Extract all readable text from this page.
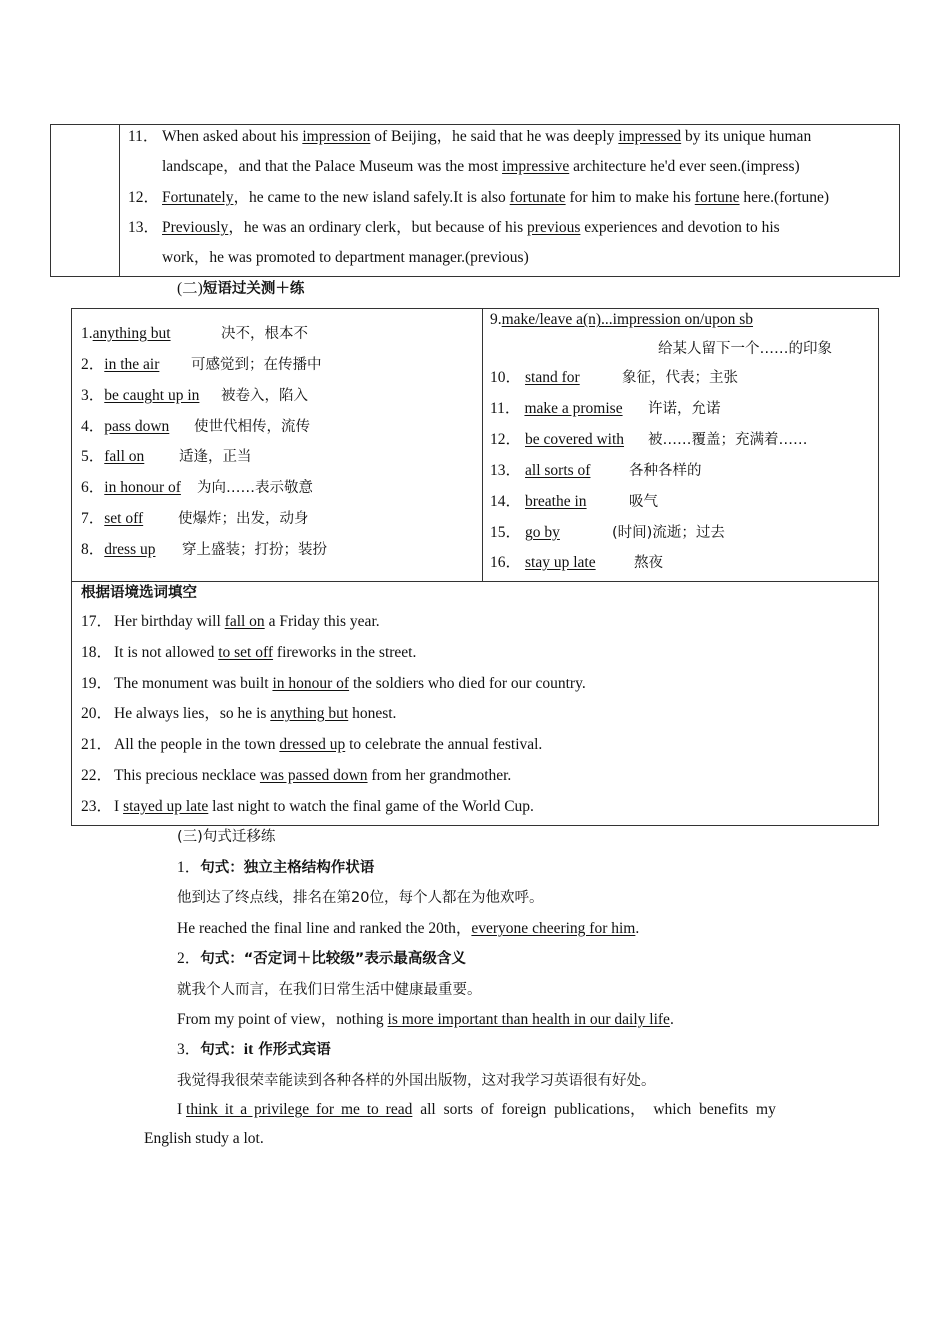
11． When asked about his impression of Beijing，he said that he was deeply impressed by its unique human
landscape，and that the Palace Museum was the most impressive architecture he'd ever seen.(impress)
12． Fortunately，he came to the new island safely.It is also fortunate for him to make his fortune here.(fortune)
13． Previously，he was an ordinary clerk，but because of his previous experiences and devotion to his
work，he was promoted to department manager.(previous)
(二)短语过关测＋练
1.anything but	决不，根本不
2．in the air 可感觉到；在传播中
3．be caught up in 被卷入，陷入
4．pass down 使世代相传，流传
5．fall on 适逢，正当
6．in honour of 为向……表示敬意
7．set off 使爆炸；出发，动身
8．dress up 穿上盛装；打扮；装扮
9.make/leave a(n)...impression on/upon sb
给某人留下一个……的印象
10． stand for	象征，代表；主张
11． make a promise 许诺，允诺
12． be covered with 被……覆盖；充满着……
13． all sorts of	各种各样的
14． breathe in	吸气
15． go by	(时间)流逝；过去
16． stay up late	熬夜
根据语境选词填空
17． Her birthday will fall on a Friday this year.
18． It is not allowed to set off fireworks in the street.
19． The monument was built in honour of the soldiers who died for our country.
20． He always lies，so he is anything but honest.
21． All the people in the town dressed up to celebrate the annual festival.
22． This precious necklace was passed down from her grandmother.
23． I stayed up late last night to watch the final game of the World Cup.
(三)句式迁移练
1．句式：独立主格结构作状语
他到达了终点线，排名在第20位，每个人都在为他欢呼。
He reached the final line and ranked the 20th，everyone cheering for him.
2．句式：“否定词＋比较级”表示最高级含义
就我个人而言，在我们日常生活中健康最重要。
From my point of view，nothing is more important than health in our daily life.
3．句式：it 作形式宾语
我觉得我很荣幸能读到各种各样的外国出版物，这对我学习英语很有好处。
I think it a privilege for me to read all sorts of foreign publications， which benefits my
English study a lot.
